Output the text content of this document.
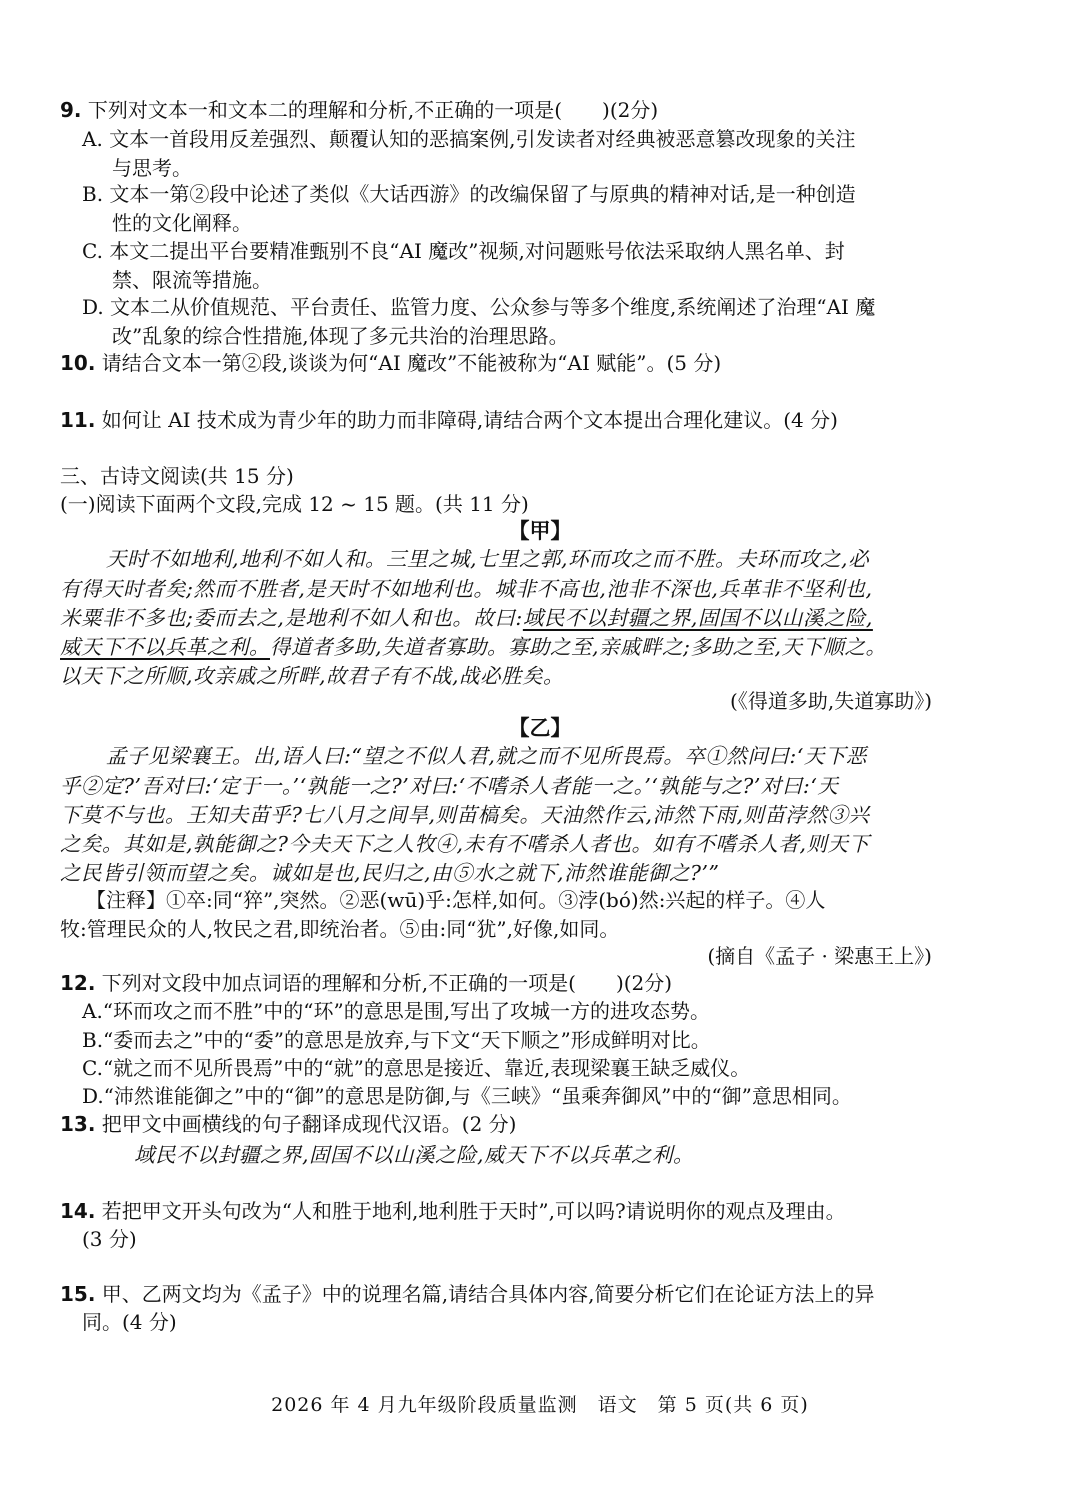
9. 下列对文本一和文本二的理解和分析,不正确的一项是(　　)(2分)
A. 文本一首段用反差强烈、颠覆认知的恶搞案例,引发读者对经典被恶意篡改现象的关注
与思考。
B. 文本一第②段中论述了类似《大话西游》的改编保留了与原典的精神对话,是一种创造
性的文化阐释。
C. 本文二提出平台要精准甄别不良“AI 魔改”视频,对问题账号依法采取纳人黑名单、封
禁、限流等措施。
D. 文本二从价值规范、平台责任、监管力度、公众参与等多个维度,系统阐述了治理“AI 魔
改”乱象的综合性措施,体现了多元共治的治理思路。
10. 请结合文本一第②段,谈谈为何“AI 魔改”不能被称为“AI 赋能”。(5 分)
11. 如何让 AI 技术成为青少年的助力而非障碍,请结合两个文本提出合理化建议。(4 分)
三、古诗文阅读(共 15 分)
(一)阅读下面两个文段,完成 12 ~ 15 题。(共 11 分)
【甲】
天时不如地利,地利不如人和。三里之城,七里之郭,环而攻之而不胜。夫环而攻之,必
有得天时者矣;然而不胜者,是天时不如地利也。城非不高也,池非不深也,兵革非不坚利也,
米粟非不多也;委而去之,是地利不如人和也。故曰:域民不以封疆之界,固国不以山溪之险,
威天下不以兵革之利。得道者多助,失道者寡助。寡助之至,亲戚畔之;多助之至,天下顺之。
以天下之所顺,攻亲戚之所畔,故君子有不战,战必胜矣。
(《得道多助,失道寡助》)
【乙】
孟子见梁襄王。出,语人曰:“望之不似人君,就之而不见所畏焉。卒①然问曰:‘天下恶
乎②定?’吾对曰:‘定于一。’‘孰能一之?’对曰:‘不嗜杀人者能一之。’‘孰能与之?’对曰:‘天
下莫不与也。王知夫苗乎?七八月之间旱,则苗槁矣。天油然作云,沛然下雨,则苗浡然③兴
之矣。其如是,孰能御之?今夫天下之人牧④,未有不嗜杀人者也。如有不嗜杀人者,则天下
之民皆引领而望之矣。诚如是也,民归之,由⑤水之就下,沛然谁能御之?’”
【注释】①卒:同“猝”,突然。②恶(wū)乎:怎样,如何。③浡(bó)然:兴起的样子。④人
牧:管理民众的人,牧民之君,即统治者。⑤由:同“犹”,好像,如同。
(摘自《孟子 · 梁惠王上》)
12. 下列对文段中加点词语的理解和分析,不正确的一项是(　　)(2分)
A.“环而攻之而不胜”中的“环”的意思是围,写出了攻城一方的进攻态势。
B.“委而去之”中的“委”的意思是放弃,与下文“天下顺之”形成鲜明对比。
C.“就之而不见所畏焉”中的“就”的意思是接近、靠近,表现梁襄王缺乏威仪。
D.“沛然谁能御之”中的“御”的意思是防御,与《三峡》“虽乘奔御风”中的“御”意思相同。
13. 把甲文中画横线的句子翻译成现代汉语。(2 分)
域民不以封疆之界,固国不以山溪之险,威天下不以兵革之利。
14. 若把甲文开头句改为“人和胜于地利,地利胜于天时”,可以吗?请说明你的观点及理由。
(3 分)
15. 甲、乙两文均为《孟子》中的说理名篇,请结合具体内容,简要分析它们在论证方法上的异
同。(4 分)
2026 年 4 月九年级阶段质量监测　语文　第 5 页(共 6 页)
